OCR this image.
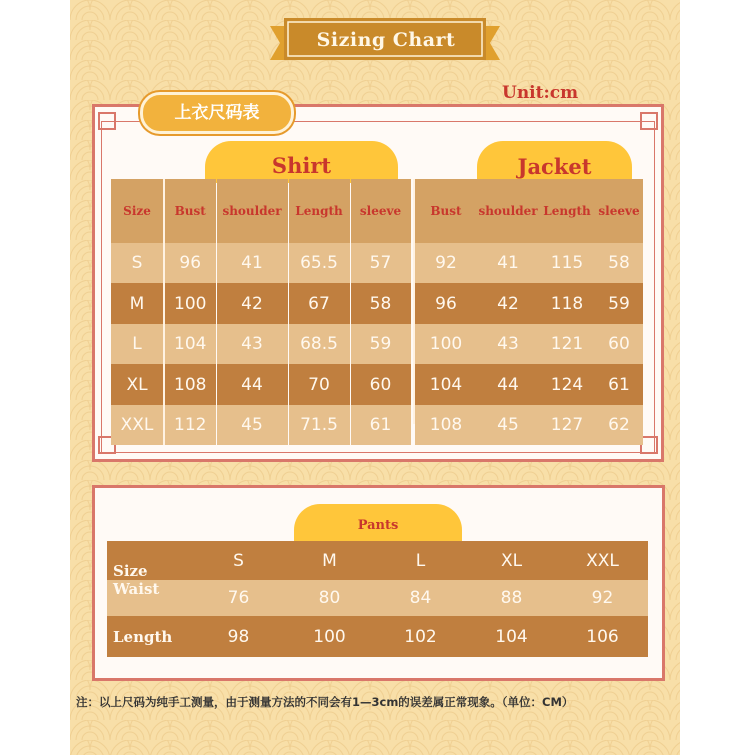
Sizing Chart
Unit:cm
上衣尺码表
Shirt	Jacket
Size	Bust	shoulder	Length	sleeve
S	96	41	65.5	57
M	100	42	67	58
L	104	43	68.5	59
XL	108	44	70	60
XXL	112	45	71.5	61
Bust	shoulder	Length	sleeve
92	41	115	58
96	42	118	59
100	43	121	60
104	44	124	61
108	45	127	62
Pants
Size	S	M	L	XL	XXL
Waist	76	80	84	88	92
Length	98	100	102	104	106
注：以上尺码为纯手工测量，由于测量方法的不同会有1—3cm的误差属正常现象。（单位：CM）
